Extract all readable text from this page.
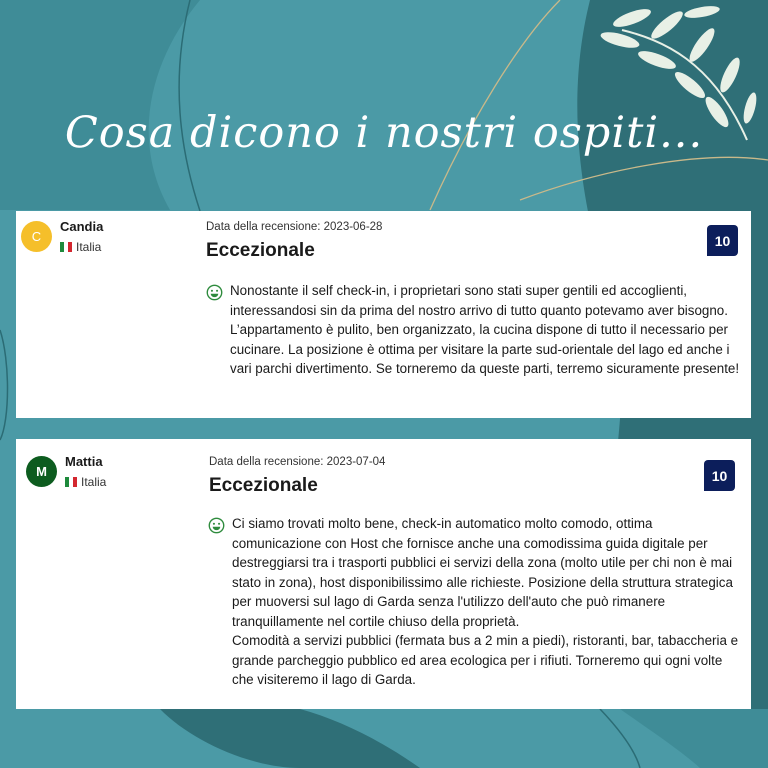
Cosa dicono i nostri ospiti...
C
Candia
Italia
Data della recensione: 2023-06-28
Eccezionale	10

Nonostante il self check-in, i proprietari sono stati super gentili ed accoglienti, interessandosi sin da prima del nostro arrivo di tutto quanto potevamo aver bisogno. L’appartamento è pulito, ben organizzato, la cucina dispone di tutto il necessario per cucinare. La posizione è ottima per visitare la parte sud-orientale del lago ed anche i vari parchi divertimento. Se torneremo da queste parti, terremo sicuramente presente!

M
Mattia
Italia
Data della recensione: 2023-07-04
Eccezionale	10

Ci siamo trovati molto bene, check-in automatico molto comodo, ottima comunicazione con Host che fornisce anche una comodissima guida digitale per destreggiarsi tra i trasporti pubblici ei servizi della zona (molto utile per chi non è mai stato in zona), host disponibilissimo alle richieste. Posizione della struttura strategica per muoversi sul lago di Garda senza l'utilizzo dell'auto che può rimanere tranquillamente nel cortile chiuso della proprietà.

Comodità a servizi pubblici (fermata bus a 2 min a piedi), ristoranti, bar, tabaccheria e grande parcheggio pubblico ed area ecologica per i rifiuti. Torneremo qui ogni volte che visiteremo il lago di Garda.
